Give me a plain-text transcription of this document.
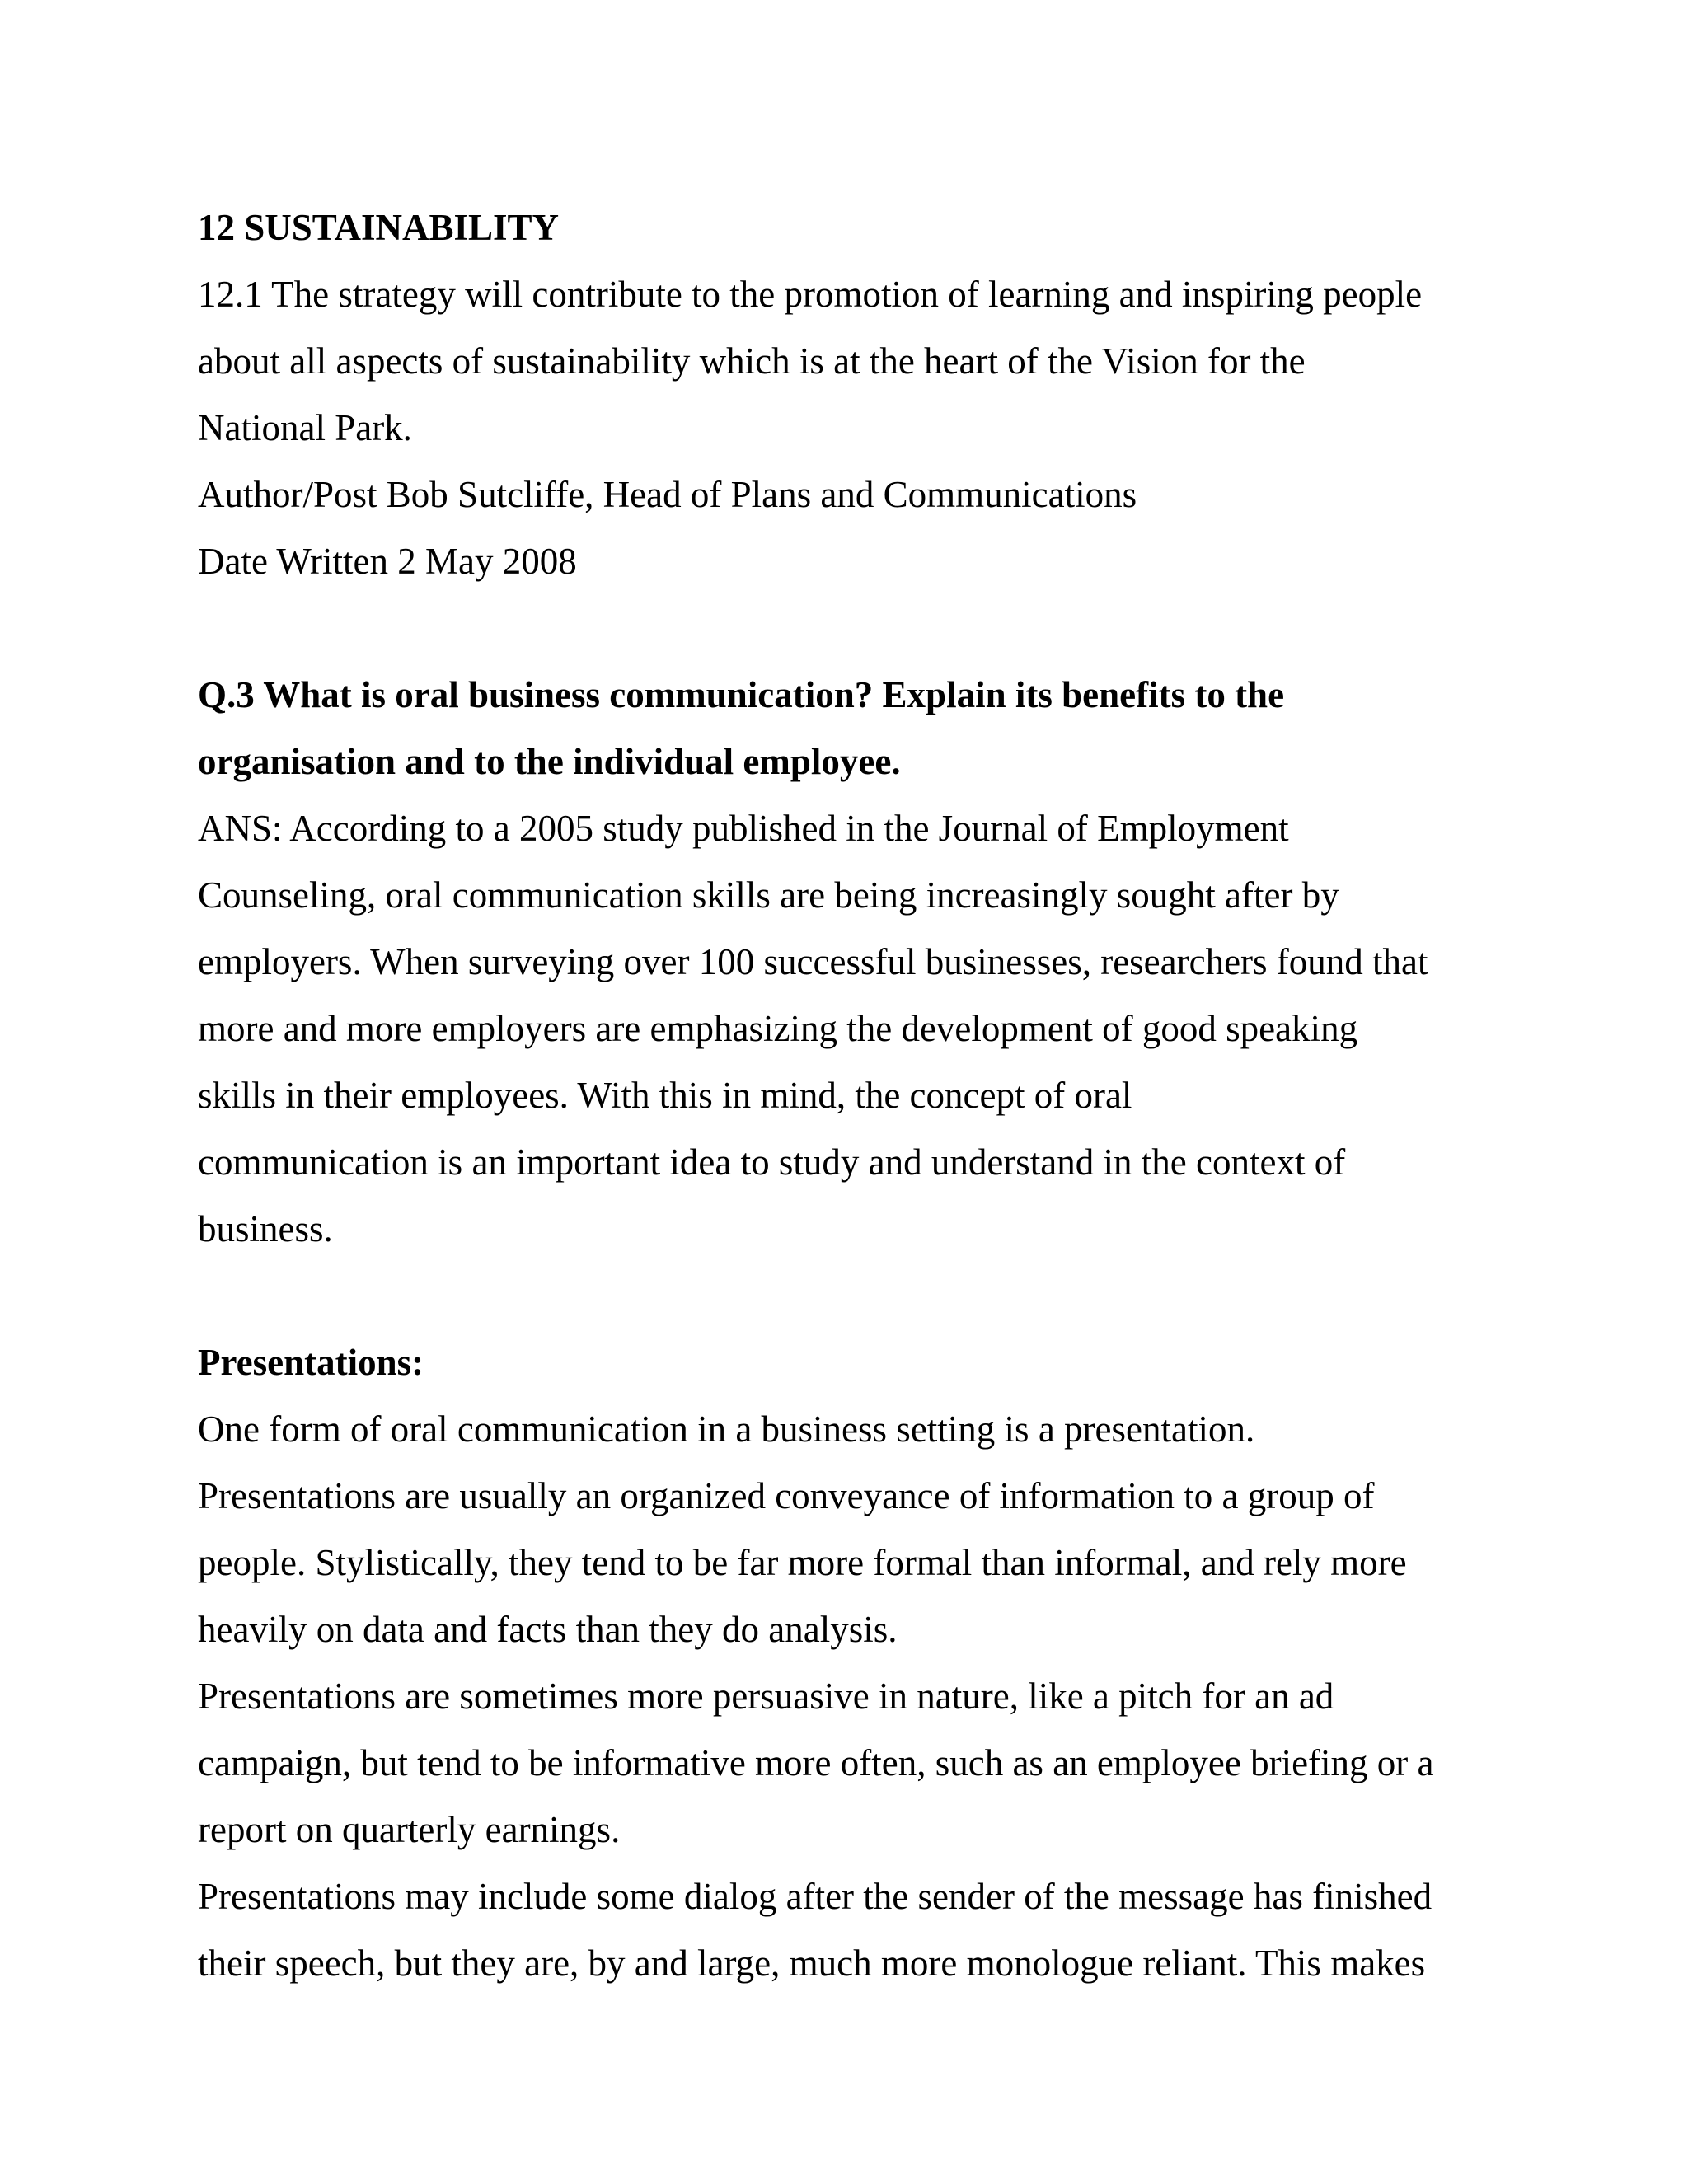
12 SUSTAINABILITY
12.1 The strategy will contribute to the promotion of learning and inspiring people
about all aspects of sustainability which is at the heart of the Vision for the
National Park.
Author/Post Bob Sutcliffe, Head of Plans and Communications
Date Written 2 May 2008
Q.3 What is oral business communication? Explain its benefits to the
organisation and to the individual employee.
ANS: According to a 2005 study published in the Journal of Employment
Counseling, oral communication skills are being increasingly sought after by
employers. When surveying over 100 successful businesses, researchers found that
more and more employers are emphasizing the development of good speaking
skills in their employees. With this in mind, the concept of oral
communication is an important idea to study and understand in the context of
business.
Presentations:
One form of oral communication in a business setting is a presentation.
Presentations are usually an organized conveyance of information to a group of
people. Stylistically, they tend to be far more formal than informal, and rely more
heavily on data and facts than they do analysis.
Presentations are sometimes more persuasive in nature, like a pitch for an ad
campaign, but tend to be informative more often, such as an employee briefing or a
report on quarterly earnings.
Presentations may include some dialog after the sender of the message has finished
their speech, but they are, by and large, much more monologue reliant. This makes
